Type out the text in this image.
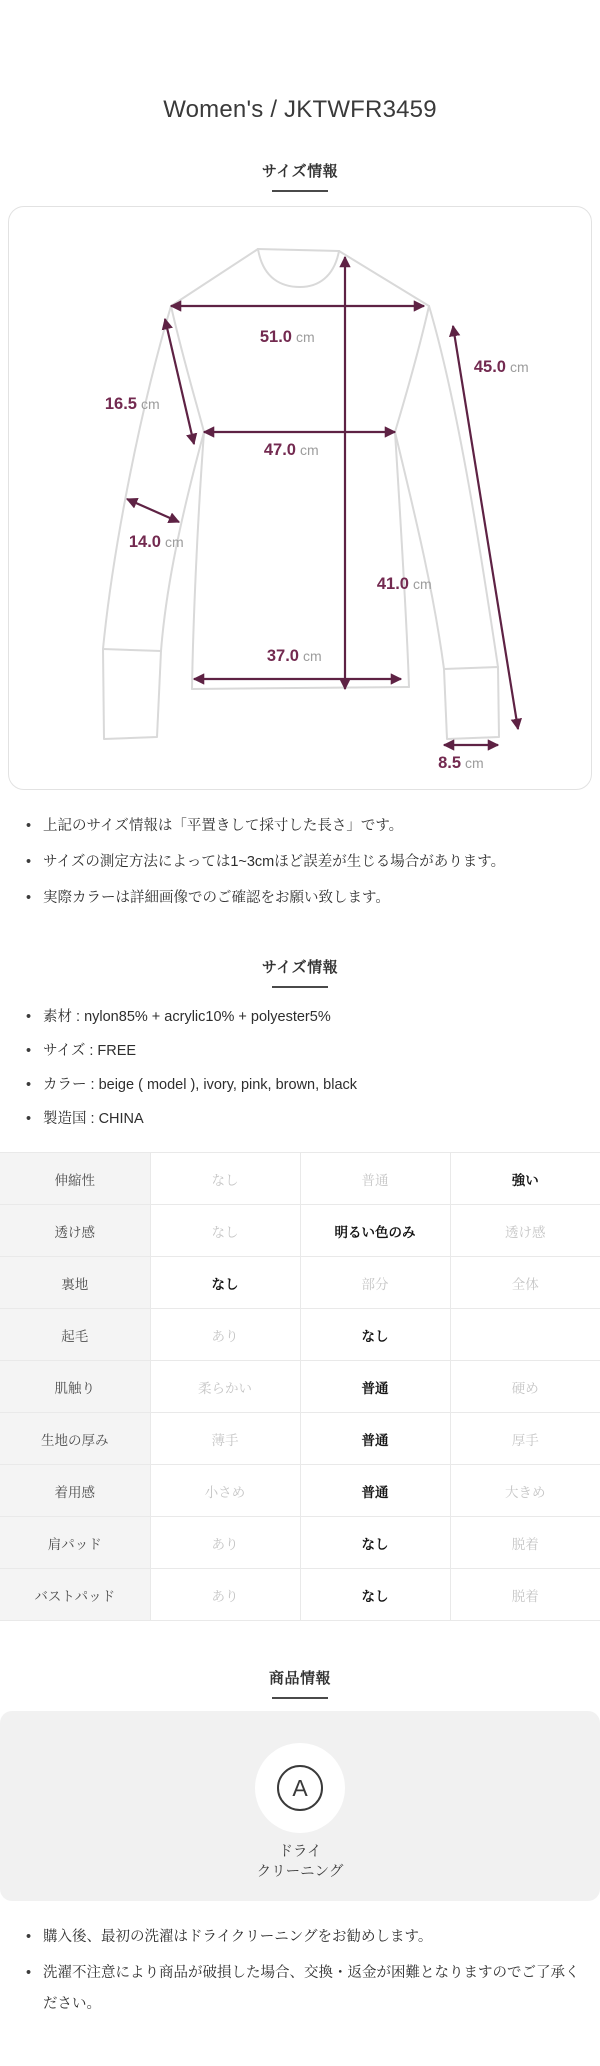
Women's / JKTWFR3459
サイズ情報
51.0 cm
45.0 cm
16.5 cm
47.0 cm
14.0 cm
41.0 cm
37.0 cm
8.5 cm
• 上記のサイズ情報は「平置きして採寸した長さ」です。
• サイズの測定方法によっては1~3cmほど誤差が生じる場合があります。
• 実際カラーは詳細画像でのご確認をお願い致します。
サイズ情報
• 素材 : nylon85% + acrylic10% + polyester5%
• サイズ : FREE
• カラー : beige ( model ), ivory, pink, brown, black
• 製造国 : CHINA
伸縮性	なし	普通	強い
透け感	なし	明るい色のみ	透け感
裏地	なし	部分	全体
起毛	あり	なし	
肌触り	柔らかい	普通	硬め
生地の厚み	薄手	普通	厚手
着用感	小さめ	普通	大きめ
肩パッド	あり	なし	脱着
バストパッド	あり	なし	脱着
商品情報
A
ドライ
クリーニング
• 購入後、最初の洗濯はドライクリーニングをお勧めします。
• 洗濯不注意により商品が破損した場合、交換・返金が困難となりますのでご了承ください。
